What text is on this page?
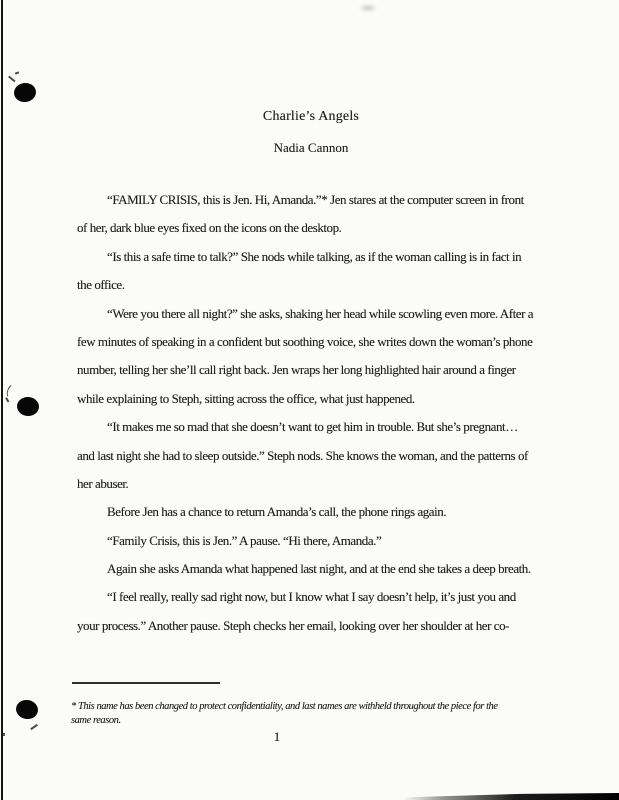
Charlie’s Angels
Nadia Cannon
“FAMILY CRISIS, this is Jen. Hi, Amanda.”* Jen stares at the computer screen in front
of her, dark blue eyes fixed on the icons on the desktop.
“Is this a safe time to talk?” She nods while talking, as if the woman calling is in fact in
the office.
“Were you there all night?” she asks, shaking her head while scowling even more. After a
few minutes of speaking in a confident but soothing voice, she writes down the woman’s phone
number, telling her she’ll call right back. Jen wraps her long highlighted hair around a finger
while explaining to Steph, sitting across the office, what just happened.
“It makes me so mad that she doesn’t want to get him in trouble. But she’s pregnant…
and last night she had to sleep outside.” Steph nods. She knows the woman, and the patterns of
her abuser.
Before Jen has a chance to return Amanda’s call, the phone rings again.
“Family Crisis, this is Jen.” A pause. “Hi there, Amanda.”
Again she asks Amanda what happened last night, and at the end she takes a deep breath.
“I feel really, really sad right now, but I know what I say doesn’t help, it’s just you and
your process.” Another pause. Steph checks her email, looking over her shoulder at her co-
* This name has been changed to protect confidentiality, and last names are withheld throughout the piece for the
same reason.
1
